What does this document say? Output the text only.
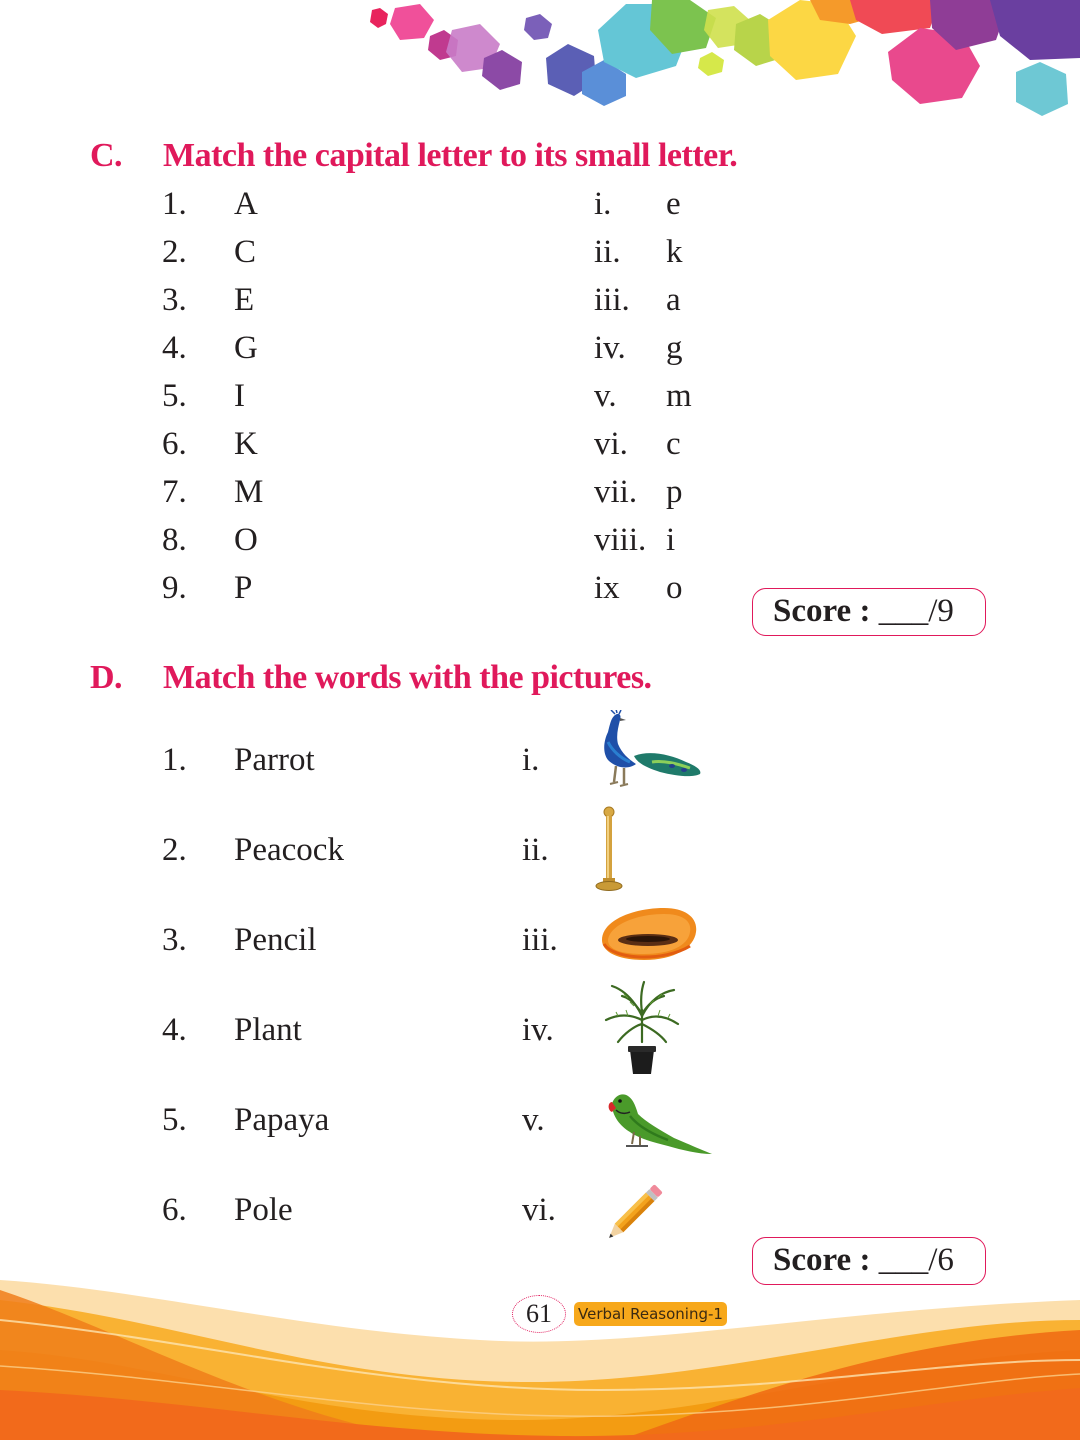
C. Match the capital letter to its small letter.
1. A
2. C
3. E
4. G
5. I
6. K
7. M
8. O
9. P
i. e
ii. k
iii. a
iv. g
v. m
vi. c
vii. p
viii. i
ix o
Score : ___/9
D. Match the words with the pictures.
1. Parrot
2. Peacock
3. Pencil
4. Plant
5. Papaya
6. Pole
i.
ii.
iii.
iv.
v.
vi.
Score : ___/6
61	Verbal Reasoning-1
